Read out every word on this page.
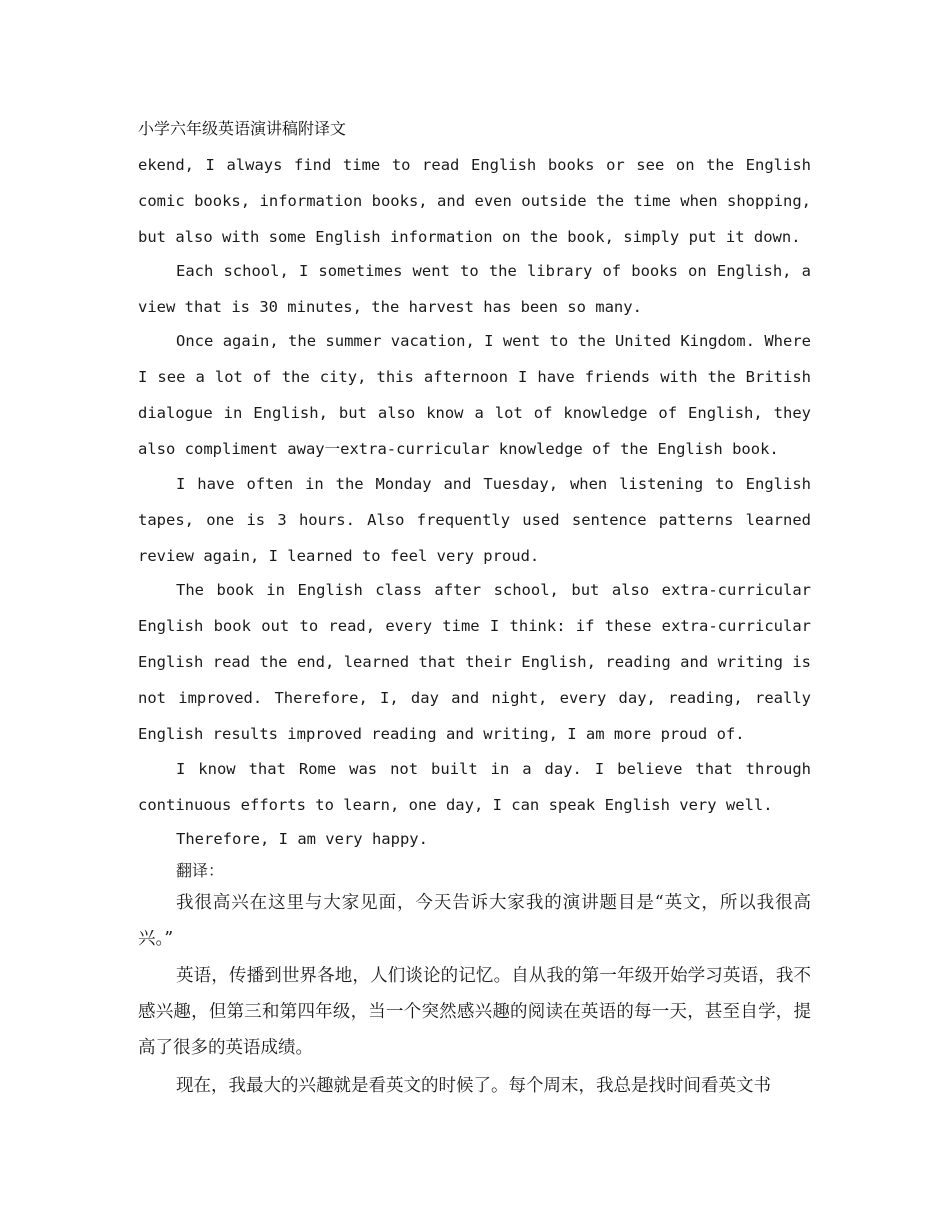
小学六年级英语演讲稿附译文

ekend, I always find time to read English books or see on the English comic books, information books, and even outside the time when shopping, but also with some English information on the book, simply put it down.

Each school, I sometimes went to the library of books on English, a view that is 30 minutes, the harvest has been so many.

Once again, the summer vacation, I went to the United Kingdom. Where I see a lot of the city, this afternoon I have friends with the British dialogue in English, but also know a lot of knowledge of English, they also compliment away一extra-curricular knowledge of the English book.

I have often in the Monday and Tuesday, when listening to English tapes, one is 3 hours. Also frequently used sentence patterns learned review again, I learned to feel very proud.

The book in English class after school, but also extra-curricular English book out to read, every time I think: if these extra-curricular English read the end, learned that their English, reading and writing is not improved. Therefore, I, day and night, every day, reading, really English results improved reading and writing, I am more proud of.

I know that Rome was not built in a day. I believe that through continuous efforts to learn, one day, I can speak English very well.

Therefore, I am very happy.

翻译：

我很高兴在这里与大家见面，今天告诉大家我的演讲题目是“英文，所以我很高兴。”

英语，传播到世界各地，人们谈论的记忆。自从我的第一年级开始学习英语，我不感兴趣，但第三和第四年级，当一个突然感兴趣的阅读在英语的每一天，甚至自学，提高了很多的英语成绩。

现在，我最大的兴趣就是看英文的时候了。每个周末，我总是找时间看英文书
